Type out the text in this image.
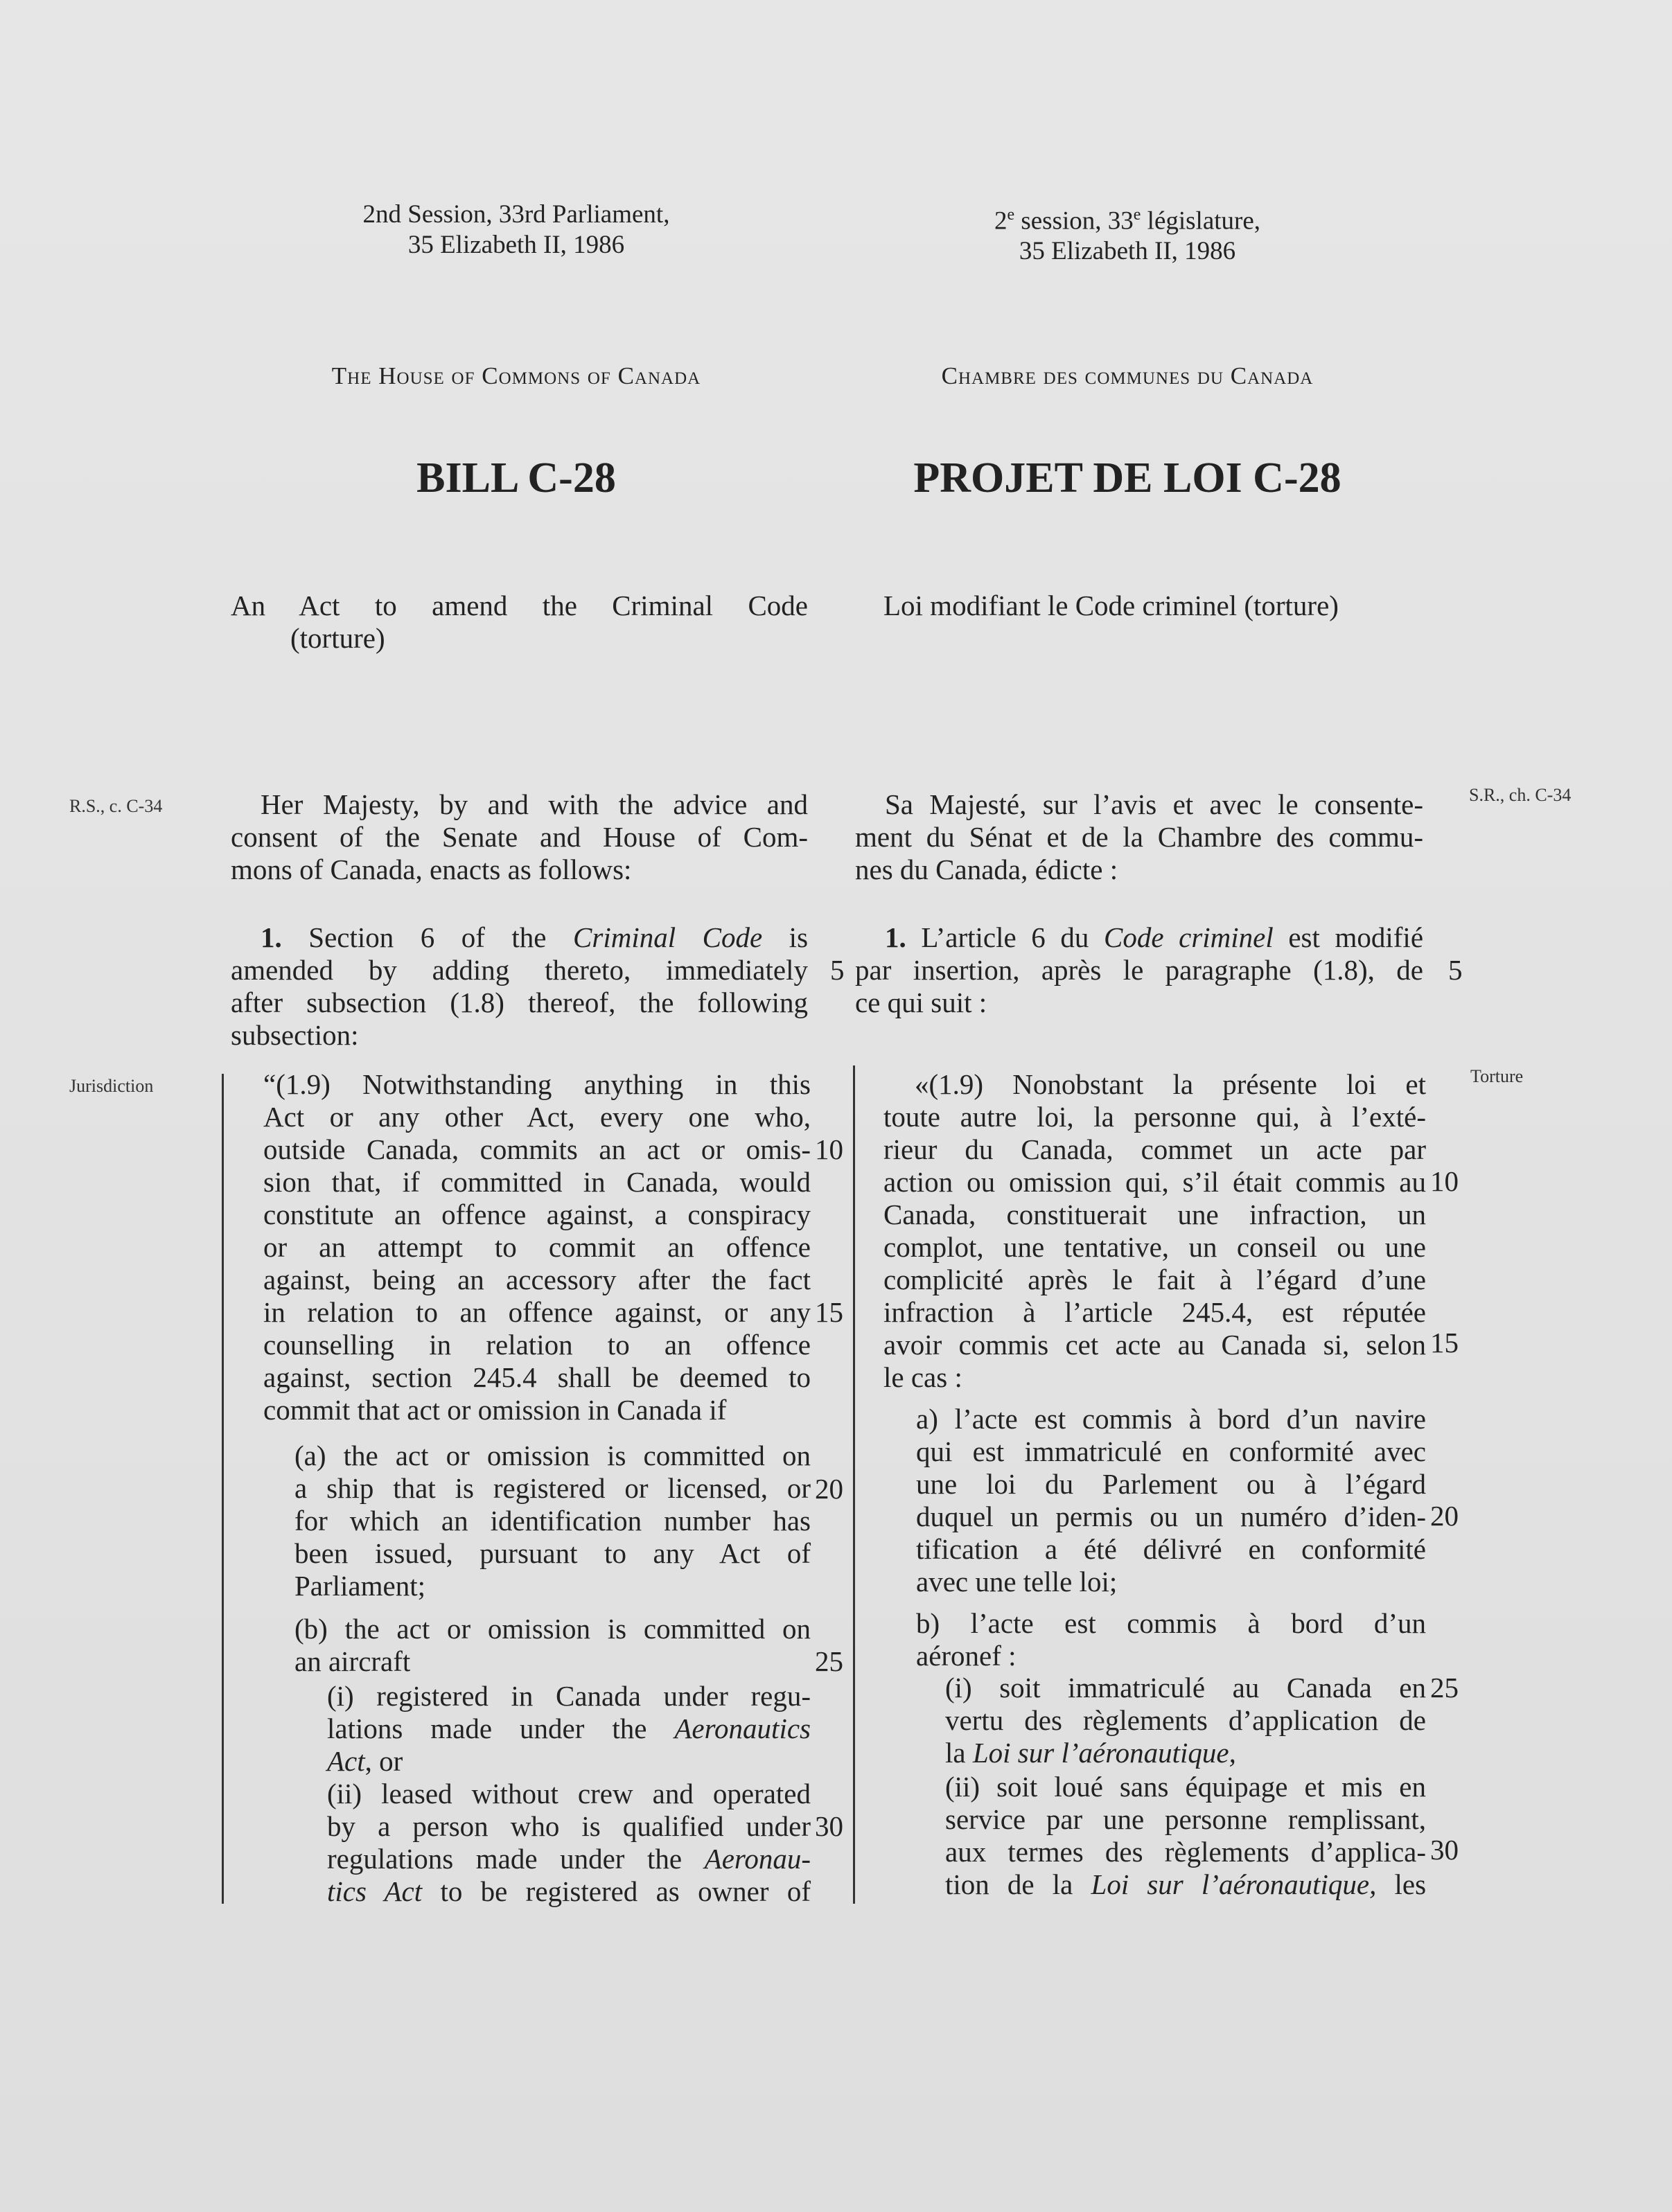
2nd Session, 33rd Parliament,
35 Elizabeth II, 1986
The House of Commons of Canada
BILL C-28
An Act to amend the Criminal Code
(torture)
2e session, 33e législature,
35 Elizabeth II, 1986
Chambre des communes du Canada
PROJET DE LOI C-28
Loi modifiant le Code criminel (torture)
R.S., c. C-34
S.R., ch. C-34
Jurisdiction	Torture
Her Majesty, by and with the advice and
consent of the Senate and House of Com-
mons of Canada, enacts as follows:
Sa Majesté, sur l’avis et avec le consente-
ment du Sénat et de la Chambre des commu-
nes du Canada, édicte :
1. Section 6 of the Criminal Code is
amended by adding thereto, immediately
after subsection (1.8) thereof, the following
subsection:
1. L’article 6 du Code criminel est modifié
par insertion, après le paragraphe (1.8), de
ce qui suit :
“(1.9) Notwithstanding anything in this
Act or any other Act, every one who,
outside Canada, commits an act or omis-
sion that, if committed in Canada, would
constitute an offence against, a conspiracy
or an attempt to commit an offence
against, being an accessory after the fact
in relation to an offence against, or any
counselling in relation to an offence
against, section 245.4 shall be deemed to
commit that act or omission in Canada if
(a) the act or omission is committed on
a ship that is registered or licensed, or
for which an identification number has
been issued, pursuant to any Act of
Parliament;
(b) the act or omission is committed on
an aircraft
(i) registered in Canada under regu-
lations made under the Aeronautics
Act, or
(ii) leased without crew and operated
by a person who is qualified under
regulations made under the Aeronau-
tics Act to be registered as owner of
«(1.9) Nonobstant la présente loi et
toute autre loi, la personne qui, à l’exté-
rieur du Canada, commet un acte par
action ou omission qui, s’il était commis au
Canada, constituerait une infraction, un
complot, une tentative, un conseil ou une
complicité après le fait à l’égard d’une
infraction à l’article 245.4, est réputée
avoir commis cet acte au Canada si, selon
le cas :
a) l’acte est commis à bord d’un navire
qui est immatriculé en conformité avec
une loi du Parlement ou à l’égard
duquel un permis ou un numéro d’iden-
tification a été délivré en conformité
avec une telle loi;
b) l’acte est commis à bord d’un
aéronef :
(i) soit immatriculé au Canada en
vertu des règlements d’application de
la Loi sur l’aéronautique,
(ii) soit loué sans équipage et mis en
service par une personne remplissant,
aux termes des règlements d’applica-
tion de la Loi sur l’aéronautique, les
5
10
15
20
25
30
5
10
15
20
25
30
